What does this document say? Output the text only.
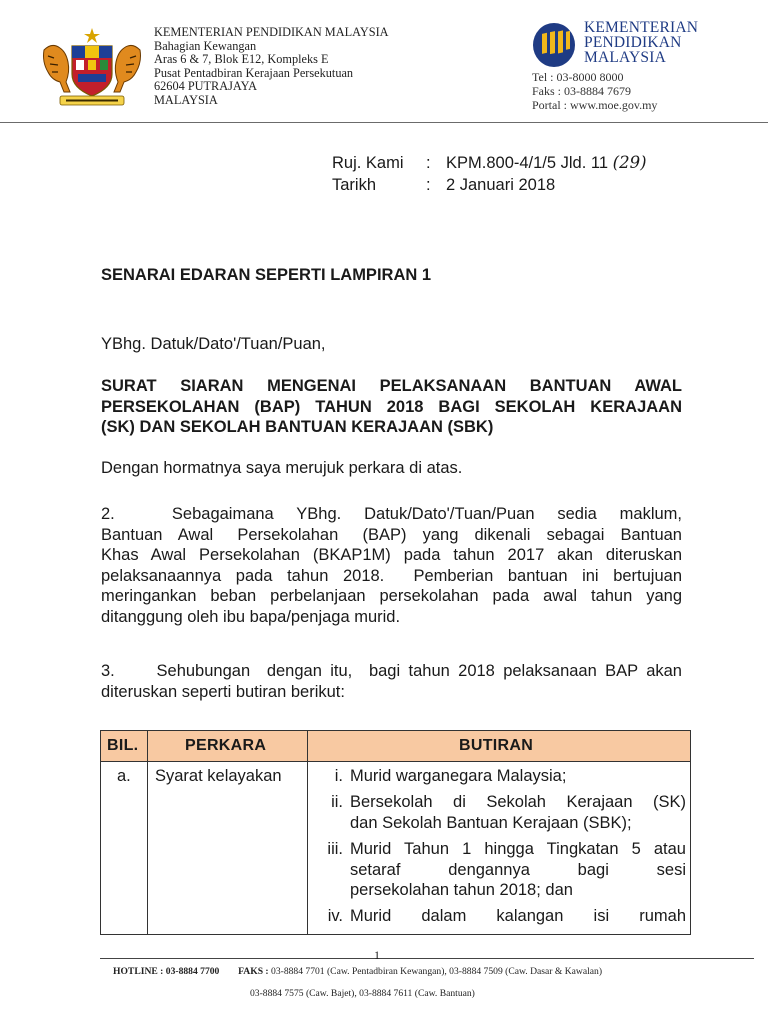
KEMENTERIAN PENDIDIKAN MALAYSIA
Bahagian Kewangan
Aras 6 & 7, Blok E12, Kompleks E
Pusat Pentadbiran Kerajaan Persekutuan
62604 PUTRAJAYA
MALAYSIA
KEMENTERIAN
PENDIDIKAN
MALAYSIA
Tel : 03-8000 8000
Faks : 03-8884 7679
Portal : www.moe.gov.my
Ruj. Kami : KPM.800-4/1/5 Jld. 11 (29)
Tarikh	: 2 Januari 2018
SENARAI EDARAN SEPERTI LAMPIRAN 1
YBhg. Datuk/Dato'/Tuan/Puan,
SURAT SIARAN MENGENAI PELAKSANAAN BANTUAN AWAL
PERSEKOLAHAN (BAP) TAHUN 2018 BAGI SEKOLAH KERAJAAN
(SK) DAN SEKOLAH BANTUAN KERAJAAN (SBK)
Dengan hormatnya saya merujuk perkara di atas.
2.     Sebagaimana  YBhg.  Datuk/Dato'/Tuan/Puan  sedia  maklum,
Bantuan  Awal   Persekolahan   (BAP)  yang  dikenali  sebagai  Bantuan
Khas Awal Persekolahan (BKAP1M) pada tahun 2017 akan diteruskan
pelaksanaannya pada tahun 2018.  Pemberian bantuan ini bertujuan
meringankan beban perbelanjaan persekolahan pada awal tahun yang
ditanggung oleh ibu bapa/penjaga murid.
3.     Sehubungan  dengan itu,  bagi tahun 2018 pelaksanaan BAP akan
diteruskan seperti butiran berikut:
BIL.	PERKARA	BUTIRAN
a. Syarat kelayakan	i. Murid warganegara Malaysia;
ii. Bersekolah di Sekolah Kerajaan (SK)
dan Sekolah Bantuan Kerajaan (SBK);
iii. Murid Tahun 1 hingga Tingkatan 5 atau
setaraf     dengannya     bagi     sesi
persekolahan tahun 2018; dan
iv. Murid    dalam    kalangan    isi    rumah
1
HOTLINE : 03-8884 7700 FAKS : 03-8884 7701 (Caw. Pentadbiran Kewangan), 03-8884 7509 (Caw. Dasar & Kawalan)
03-8884 7575 (Caw. Bajet), 03-8884 7611 (Caw. Bantuan)
